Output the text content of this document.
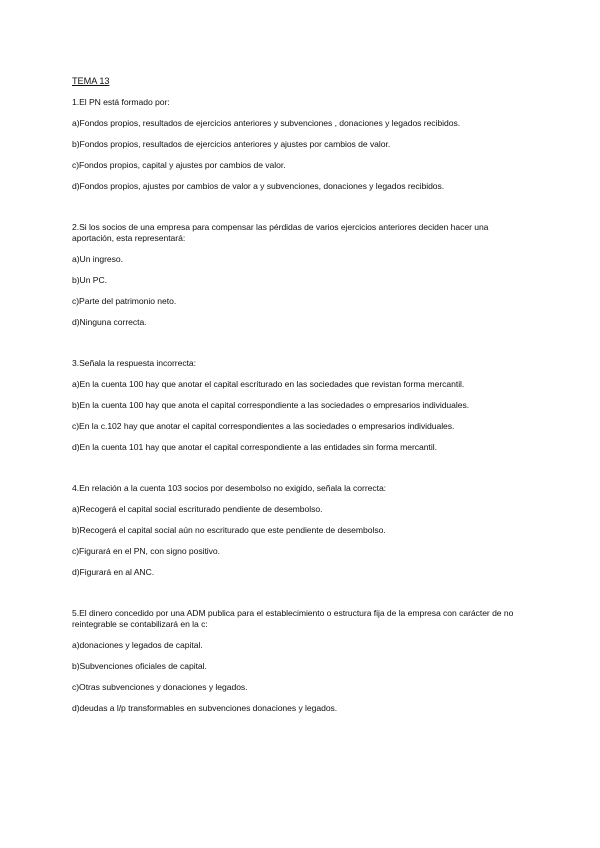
TEMA 13
1.El PN está formado por:
a)Fondos propios, resultados de ejercicios anteriores y subvenciones , donaciones y legados recibidos.
b)Fondos propios, resultados de ejercicios anteriores y ajustes por cambios de valor.
c)Fondos propios, capital y ajustes por cambios de valor.
d)Fondos propios, ajustes por cambios de valor a y subvenciones, donaciones y legados recibidos.
2.Si los socios de una empresa para compensar las pérdidas de varios ejercicios anteriores deciden hacer una aportación, esta representará:
a)Un ingreso.
b)Un PC.
c)Parte del patrimonio neto.
d)Ninguna correcta.
3.Señala la respuesta incorrecta:
a)En la cuenta 100 hay que anotar el capital escriturado en las sociedades que revistan forma mercantil.
b)En la cuenta 100 hay que anota el capital correspondiente a las sociedades o empresarios individuales.
c)En la c.102 hay que anotar el capital correspondientes a las sociedades o empresarios individuales.
d)En la cuenta 101 hay que anotar el capital correspondiente a las entidades sin forma mercantil.
4.En relación a la cuenta 103 socios por desembolso no exigido, señala la correcta:
a)Recogerá el capital social escriturado pendiente de desembolso.
b)Recogerá el capital social aún no escriturado que este pendiente de desembolso.
c)Figurará en el PN, con signo positivo.
d)Figurará en al ANC.
5.El dinero concedido por una ADM publica para el establecimiento o estructura fija de la empresa con carácter de no reintegrable se contabilizará en la c:
a)donaciones y legados de capital.
b)Subvenciones oficiales de capital.
c)Otras subvenciones y donaciones y legados.
d)deudas a l/p transformables en subvenciones donaciones y legados.
